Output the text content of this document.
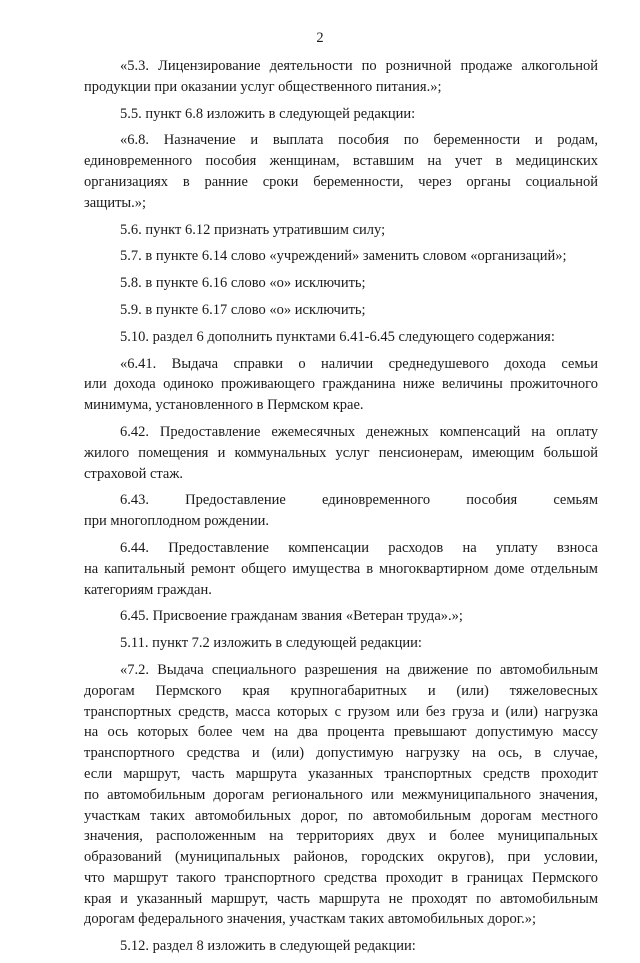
2
«5.3. Лицензирование деятельности по розничной продаже алкогольной
продукции при оказании услуг общественного питания.»;
5.5. пункт 6.8 изложить в следующей редакции:
«6.8. Назначение и выплата пособия по беременности и родам,
единовременного пособия женщинам, вставшим на учет в медицинских
организациях в ранние сроки беременности, через органы социальной
защиты.»;
5.6. пункт 6.12 признать утратившим силу;
5.7. в пункте 6.14 слово «учреждений» заменить словом «организаций»;
5.8. в пункте 6.16 слово «о» исключить;
5.9. в пункте 6.17 слово «о» исключить;
5.10. раздел 6 дополнить пунктами 6.41-6.45 следующего содержания:
«6.41. Выдача справки о наличии среднедушевого дохода семьи
или дохода одиноко проживающего гражданина ниже величины прожиточного
минимума, установленного в Пермском крае.
6.42. Предоставление ежемесячных денежных компенсаций на оплату
жилого помещения и коммунальных услуг пенсионерам, имеющим большой
страховой стаж.
6.43. Предоставление единовременного пособия семьям
при многоплодном рождении.
6.44. Предоставление компенсации расходов на уплату взноса
на капитальный ремонт общего имущества в многоквартирном доме отдельным
категориям граждан.
6.45. Присвоение гражданам звания «Ветеран труда».»;
5.11. пункт 7.2 изложить в следующей редакции:
«7.2. Выдача специального разрешения на движение по автомобильным
дорогам Пермского края крупногабаритных и (или) тяжеловесных
транспортных средств, масса которых с грузом или без груза и (или) нагрузка
на ось которых более чем на два процента превышают допустимую массу
транспортного средства и (или) допустимую нагрузку на ось, в случае,
если маршрут, часть маршрута указанных транспортных средств проходит
по автомобильным дорогам регионального или межмуниципального значения,
участкам таких автомобильных дорог, по автомобильным дорогам местного
значения, расположенным на территориях двух и более муниципальных
образований (муниципальных районов, городских округов), при условии,
что маршрут такого транспортного средства проходит в границах Пермского
края и указанный маршрут, часть маршрута не проходят по автомобильным
дорогам федерального значения, участкам таких автомобильных дорог.»;
5.12. раздел 8 изложить в следующей редакции:
